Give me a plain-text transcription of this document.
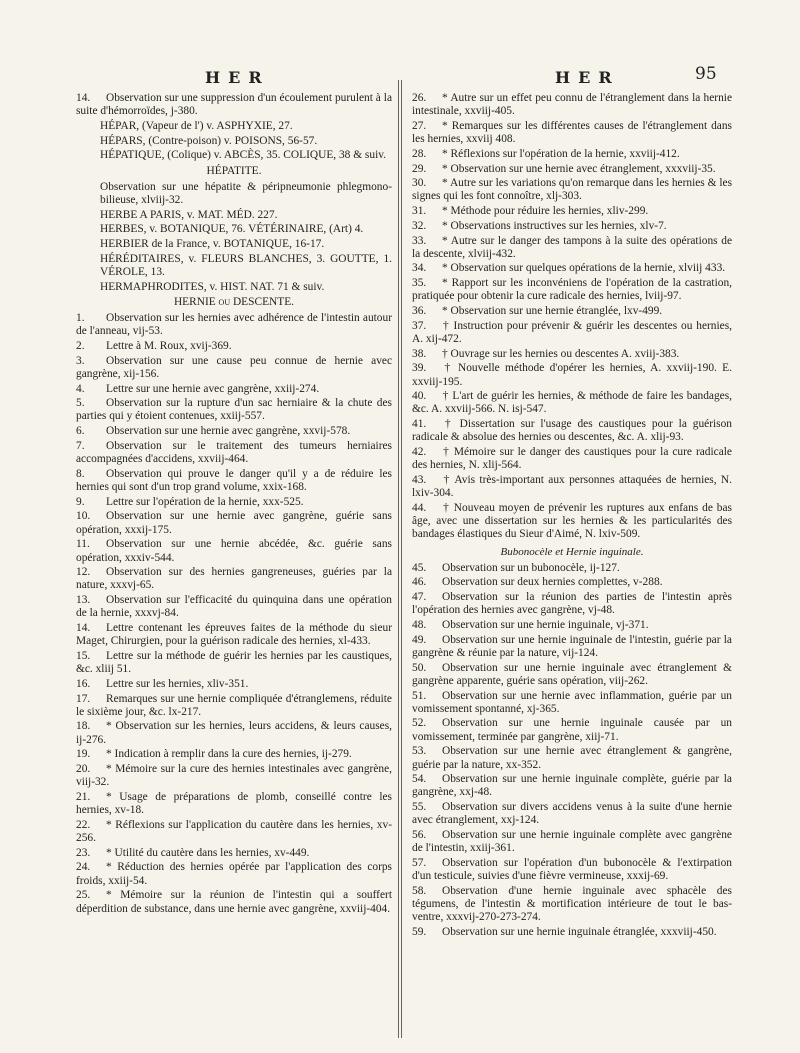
HER	HER	95
14. Observation sur une suppression d'un écoulement purulent à la suite d'hémorroïdes, j-380.
HÉPAR, (Vapeur de l') v. ASPHYXIE, 27.
HÉPARS, (Contre-poison) v. POISONS, 56-57.
HÉPATIQUE, (Colique) v. ABCÈS, 35. COLIQUE, 38 & suiv.
HÉPATITE.
Observation sur une hépatite & péripneumonie phlegmono-bilieuse, xlviij-32.
HERBE A PARIS, v. MAT. MÉD. 227.
HERBES, v. BOTANIQUE, 76. VÉTÉRINAIRE, (Art) 4.
HERBIER de la France, v. BOTANIQUE, 16-17.
HÉRÉDITAIRES, v. FLEURS BLANCHES, 3. GOUTTE, 1. VÉROLE, 13.
HERMAPHRODITES, v. HIST. NAT. 71 & suiv.
HERNIE ou DESCENTE.
1. Observation sur les hernies avec adhérence de l'intestin autour de l'anneau, vij-53.
2. Lettre à M. Roux, xvij-369.
3. Observation sur une cause peu connue de hernie avec gangrène, xij-156.
4. Lettre sur une hernie avec gangrène, xxiij-274.
5. Observation sur la rupture d'un sac herniaire & la chute des parties qui y étoient contenues, xxiij-557.
6. Observation sur une hernie avec gangrène, xxvij-578.
7. Observation sur le traitement des tumeurs herniaires accompagnées d'accidens, xxviij-464.
8. Observation qui prouve le danger qu'il y a de réduire les hernies qui sont d'un trop grand volume, xxix-168.
9. Lettre sur l'opération de la hernie, xxx-525.
10. Observation sur une hernie avec gangrène, guérie sans opération, xxxij-175.
11. Observation sur une hernie abcédée, &c. guérie sans opération, xxxiv-544.
12. Observation sur des hernies gangreneuses, guéries par la nature, xxxvj-65.
13. Observation sur l'efficacité du quinquina dans une opération de la hernie, xxxvj-84.
14. Lettre contenant les épreuves faites de la méthode du sieur Maget, Chirurgien, pour la guérison radicale des hernies, xl-433.
15. Lettre sur la méthode de guérir les hernies par les caustiques, &c. xliij 51.
16. Lettre sur les hernies, xliv-351.
17. Remarques sur une hernie compliquée d'étranglemens, réduite le sixième jour, &c. lx-217.
18. * Observation sur les hernies, leurs accidens, & leurs causes, ij-276.
19. * Indication à remplir dans la cure des hernies, ij-279.
20. * Mémoire sur la cure des hernies intestinales avec gangrène, viij-32.
21. * Usage de préparations de plomb, conseillé contre les hernies, xv-18.
22. * Réflexions sur l'application du cautère dans les hernies, xv-256.
23. * Utilité du cautère dans les hernies, xv-449.
24. * Réduction des hernies opérée par l'application des corps froids, xxiij-54.
25. * Mémoire sur la réunion de l'intestin qui a souffert déperdition de substance, dans une hernie avec gangrène, xxviij-404.
26. * Autre sur un effet peu connu de l'étranglement dans la hernie intestinale, xxviij-405.
27. * Remarques sur les différentes causes de l'étranglement dans les hernies, xxviij 408.
28. * Réflexions sur l'opération de la hernie, xxviij-412.
29. * Observation sur une hernie avec étranglement, xxxviij-35.
30. * Autre sur les variations qu'on remarque dans les hernies & les signes qui les font connoître, xlj-303.
31. * Méthode pour réduire les hernies, xliv-299.
32. * Observations instructives sur les hernies, xlv-7.
33. * Autre sur le danger des tampons à la suite des opérations de la descente, xlviij-432.
34. * Observation sur quelques opérations de la hernie, xlviij 433.
35. * Rapport sur les inconvéniens de l'opération de la castration, pratiquée pour obtenir la cure radicale des hernies, lviij-97.
36. * Observation sur une hernie étranglée, lxv-499.
37. † Instruction pour prévenir & guérir les descentes ou hernies, A. xij-472.
38. † Ouvrage sur les hernies ou descentes A. xviij-383.
39. † Nouvelle méthode d'opérer les hernies, A. xxviij-190. E. xxviij-195.
40. † L'art de guérir les hernies, & méthode de faire les bandages, &c. A. xxviij-566. N. isj-547.
41. † Dissertation sur l'usage des caustiques pour la guérison radicale & absolue des hernies ou descentes, &c. A. xlij-93.
42. † Mémoire sur le danger des caustiques pour la cure radicale des hernies, N. xlij-564.
43. † Avis très-important aux personnes attaquées de hernies, N. lxiv-304.
44. † Nouveau moyen de prévenir les ruptures aux enfans de bas âge, avec une dissertation sur les hernies & les particularités des bandages élastiques du Sieur d'Aimé, N. lxiv-509.
Bubonocèle et Hernie inguinale.
45. Observation sur un bubonocèle, ij-127.
46. Observation sur deux hernies complettes, v-288.
47. Observation sur la réunion des parties de l'intestin après l'opération des hernies avec gangrène, vj-48.
48. Observation sur une hernie inguinale, vj-371.
49. Observation sur une hernie inguinale de l'intestin, guérie par la gangrène & réunie par la nature, vij-124.
50. Observation sur une hernie inguinale avec étranglement & gangrène apparente, guérie sans opération, viij-262.
51. Observation sur une hernie avec inflammation, guérie par un vomissement spontanné, xj-365.
52. Observation sur une hernie inguinale causée par un vomissement, terminée par gangrène, xiij-71.
53. Observation sur une hernie avec étranglement & gangrène, guérie par la nature, xx-352.
54. Observation sur une hernie inguinale complète, guérie par la gangrène, xxj-48.
55. Observation sur divers accidens venus à la suite d'une hernie avec étranglement, xxj-124.
56. Observation sur une hernie inguinale complète avec gangrène de l'intestin, xxiij-361.
57. Observation sur l'opération d'un bubonocèle & l'extirpation d'un testicule, suivies d'une fièvre vermineuse, xxxij-69.
58. Observation d'une hernie inguinale avec sphacèle des tégumens, de l'intestin & mortification intérieure de tout le bas-ventre, xxxvij-270-273-274.
59. Observation sur une hernie inguinale étranglée, xxxviij-450.
